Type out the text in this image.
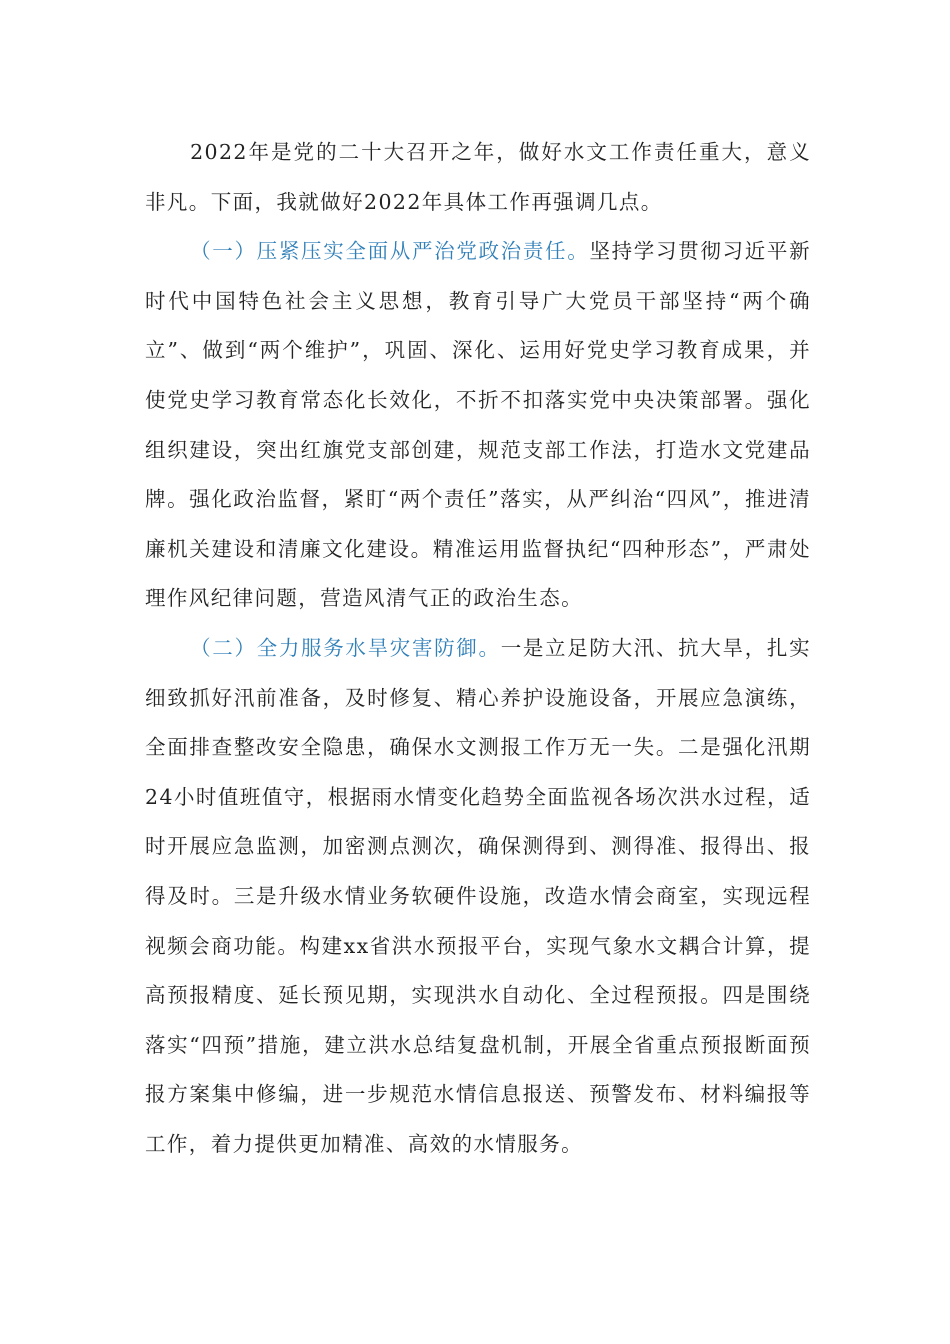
2022年是党的二十大召开之年，做好水文工作责任重大，意义非凡。下面，我就做好2022年具体工作再强调几点。

（一）压紧压实全面从严治党政治责任。坚持学习贯彻习近平新时代中国特色社会主义思想，教育引导广大党员干部坚持“两个确立”、做到“两个维护”，巩固、深化、运用好党史学习教育成果，并使党史学习教育常态化长效化，不折不扣落实党中央决策部署。强化组织建设，突出红旗党支部创建，规范支部工作法，打造水文党建品牌。强化政治监督，紧盯“两个责任”落实，从严纠治“四风”，推进清廉机关建设和清廉文化建设。精准运用监督执纪“四种形态”，严肃处理作风纪律问题，营造风清气正的政治生态。

（二）全力服务水旱灾害防御。一是立足防大汛、抗大旱，扎实细致抓好汛前准备，及时修复、精心养护设施设备，开展应急演练，全面排查整改安全隐患，确保水文测报工作万无一失。二是强化汛期24小时值班值守，根据雨水情变化趋势全面监视各场次洪水过程，适时开展应急监测，加密测点测次，确保测得到、测得准、报得出、报得及时。三是升级水情业务软硬件设施，改造水情会商室，实现远程视频会商功能。构建xx省洪水预报平台，实现气象水文耦合计算，提高预报精度、延长预见期，实现洪水自动化、全过程预报。四是围绕落实“四预”措施，建立洪水总结复盘机制，开展全省重点预报断面预报方案集中修编，进一步规范水情信息报送、预警发布、材料编报等工作，着力提供更加精准、高效的水情服务。
